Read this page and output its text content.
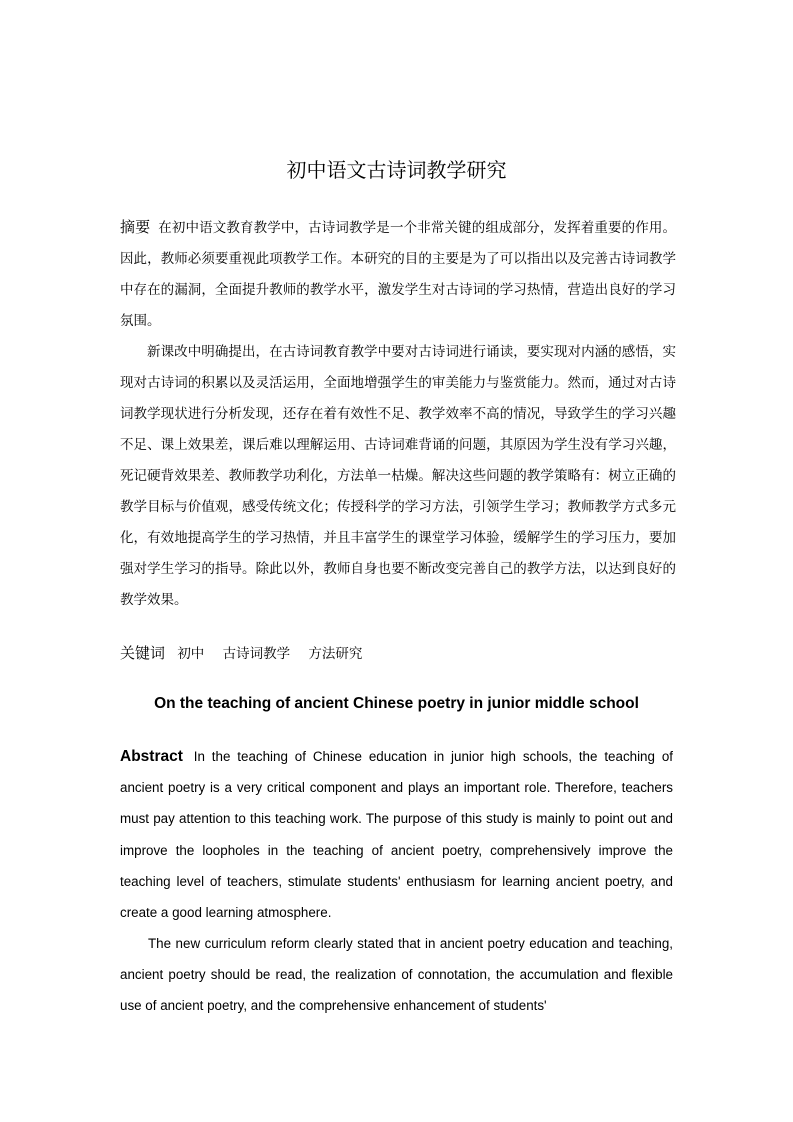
初中语文古诗词教学研究
摘要 在初中语文教育教学中，古诗词教学是一个非常关键的组成部分，发挥着重要的作用。因此，教师必须要重视此项教学工作。本研究的目的主要是为了可以指出以及完善古诗词教学中存在的漏洞，全面提升教师的教学水平，激发学生对古诗词的学习热情，营造出良好的学习氛围。
新课改中明确提出，在古诗词教育教学中要对古诗词进行诵读，要实现对内涵的感悟，实现对古诗词的积累以及灵活运用，全面地增强学生的审美能力与鉴赏能力。然而，通过对古诗词教学现状进行分析发现，还存在着有效性不足、教学效率不高的情况，导致学生的学习兴趣不足、课上效果差，课后难以理解运用、古诗词难背诵的问题，其原因为学生没有学习兴趣，死记硬背效果差、教师教学功利化，方法单一枯燥。解决这些问题的教学策略有：树立正确的教学目标与价值观，感受传统文化；传授科学的学习方法，引领学生学习；教师教学方式多元化，有效地提高学生的学习热情，并且丰富学生的课堂学习体验，缓解学生的学习压力，要加强对学生学习的指导。除此以外，教师自身也要不断改变完善自己的教学方法，以达到良好的教学效果。
关键词 初中 古诗词教学 方法研究
On the teaching of ancient Chinese poetry in junior middle school
Abstract In the teaching of Chinese education in junior high schools, the teaching of ancient poetry is a very critical component and plays an important role. Therefore, teachers must pay attention to this teaching work. The purpose of this study is mainly to point out and improve the loopholes in the teaching of ancient poetry, comprehensively improve the teaching level of teachers, stimulate students' enthusiasm for learning ancient poetry, and create a good learning atmosphere.
The new curriculum reform clearly stated that in ancient poetry education and teaching, ancient poetry should be read, the realization of connotation, the accumulation and flexible use of ancient poetry, and the comprehensive enhancement of students'
